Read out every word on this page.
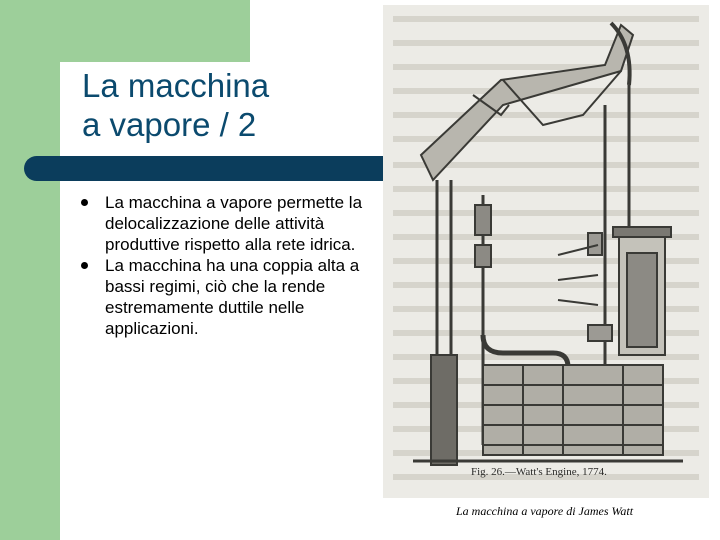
La macchina
a vapore / 2
La macchina a vapore permette la delocalizzazione delle attività produttive rispetto alla rete idrica.
La macchina ha una coppia alta a bassi regimi, ciò che la rende estremamente duttile nelle applicazioni.
Fig. 26.—Watt's Engine, 1774.
La macchina a vapore di James Watt
